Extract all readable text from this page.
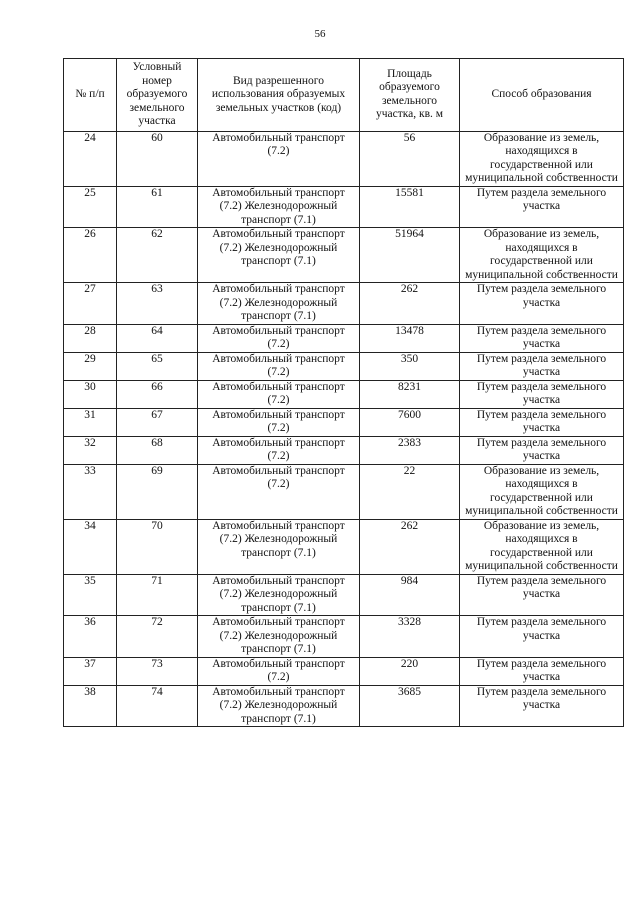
56
№ п/п	Условный номер образуемого земельного участка	Вид разрешенного использования образуемых земельных участков (код)	Площадь образуемого земельного участка, кв. м	Способ образования
24	60	Автомобильный транспорт (7.2)	56	Образование из земель, находящихся в государственной или муниципальной собственности
25	61	Автомобильный транспорт (7.2) Железнодорожный транспорт (7.1)	15581	Путем раздела земельного участка
26	62	Автомобильный транспорт (7.2) Железнодорожный транспорт (7.1)	51964	Образование из земель, находящихся в государственной или муниципальной собственности
27	63	Автомобильный транспорт (7.2) Железнодорожный транспорт (7.1)	262	Путем раздела земельного участка
28	64	Автомобильный транспорт (7.2)	13478	Путем раздела земельного участка
29	65	Автомобильный транспорт (7.2)	350	Путем раздела земельного участка
30	66	Автомобильный транспорт (7.2)	8231	Путем раздела земельного участка
31	67	Автомобильный транспорт (7.2)	7600	Путем раздела земельного участка
32	68	Автомобильный транспорт (7.2)	2383	Путем раздела земельного участка
33	69	Автомобильный транспорт (7.2)	22	Образование из земель, находящихся в государственной или муниципальной собственности
34	70	Автомобильный транспорт (7.2) Железнодорожный транспорт (7.1)	262	Образование из земель, находящихся в государственной или муниципальной собственности
35	71	Автомобильный транспорт (7.2) Железнодорожный транспорт (7.1)	984	Путем раздела земельного участка
36	72	Автомобильный транспорт (7.2) Железнодорожный транспорт (7.1)	3328	Путем раздела земельного участка
37	73	Автомобильный транспорт (7.2)	220	Путем раздела земельного участка
38	74	Автомобильный транспорт (7.2) Железнодорожный транспорт (7.1)	3685	Путем раздела земельного участка
